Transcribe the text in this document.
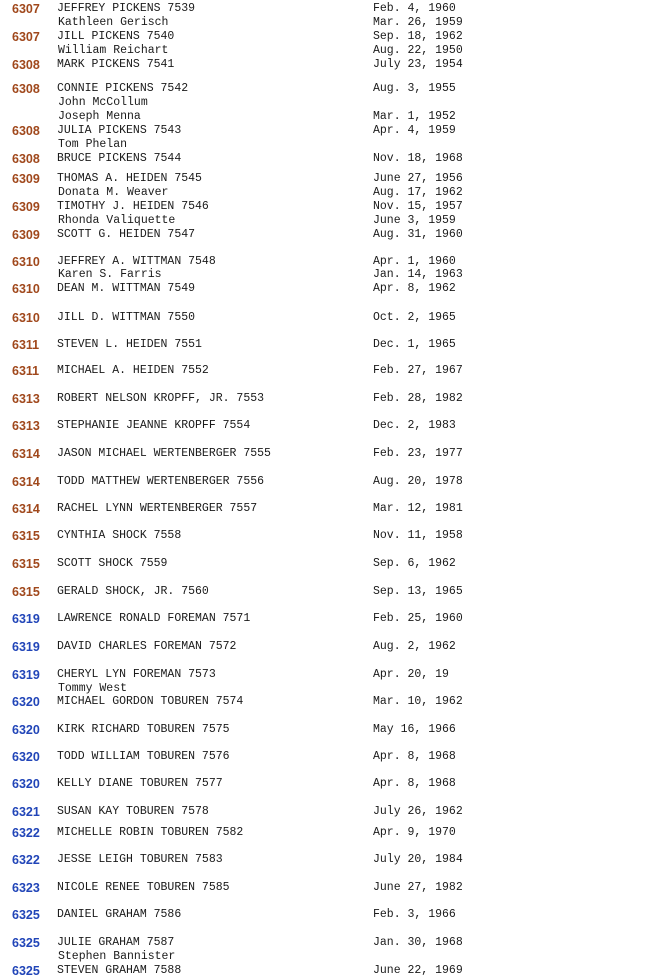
6307 JEFFREY PICKENS 7539	Feb. 4, 1960
Kathleen Gerisch	Mar. 26, 1959
6307 JILL PICKENS 7540	Sep. 18, 1962
William Reichart	Aug. 22, 1950
6308 MARK PICKENS 7541	July 23, 1954
6308 CONNIE PICKENS 7542	Aug. 3, 1955
John McCollum
Joseph Menna	Mar. 1, 1952
6308 JULIA PICKENS 7543	Apr. 4, 1959
Tom Phelan
6308 BRUCE PICKENS 7544	Nov. 18, 1968
6309 THOMAS A. HEIDEN 7545	June 27, 1956
Donata M. Weaver	Aug. 17, 1962
6309 TIMOTHY J. HEIDEN 7546	Nov. 15, 1957
Rhonda Valiquette	June 3, 1959
6309 SCOTT G. HEIDEN 7547	Aug. 31, 1960
6310 JEFFREY A. WITTMAN 7548	Apr. 1, 1960
Karen S. Farris	Jan. 14, 1963
6310 DEAN M. WITTMAN 7549	Apr. 8, 1962
6310 JILL D. WITTMAN 7550	Oct. 2, 1965
6311 STEVEN L. HEIDEN 7551	Dec. 1, 1965
6311 MICHAEL A. HEIDEN 7552	Feb. 27, 1967
6313 ROBERT NELSON KROPFF, JR. 7553	Feb. 28, 1982
6313 STEPHANIE JEANNE KROPFF 7554	Dec. 2, 1983
6314 JASON MICHAEL WERTENBERGER 7555	Feb. 23, 1977
6314 TODD MATTHEW WERTENBERGER 7556	Aug. 20, 1978
6314 RACHEL LYNN WERTENBERGER 7557	Mar. 12, 1981
6315 CYNTHIA SHOCK 7558	Nov. 11, 1958
6315 SCOTT SHOCK 7559	Sep. 6, 1962
6315 GERALD SHOCK, JR. 7560	Sep. 13, 1965
6319 LAWRENCE RONALD FOREMAN 7571	Feb. 25, 1960
6319 DAVID CHARLES FOREMAN 7572	Aug. 2, 1962
6319 CHERYL LYN FOREMAN 7573	Apr. 20, 19
Tommy West
6320 MICHAEL GORDON TOBUREN 7574	Mar. 10, 1962
6320 KIRK RICHARD TOBUREN 7575	May 16, 1966
6320 TODD WILLIAM TOBUREN 7576	Apr. 8, 1968
6320 KELLY DIANE TOBUREN 7577	Apr. 8, 1968
6321 SUSAN KAY TOBUREN 7578	July 26, 1962
6322 MICHELLE ROBIN TOBUREN 7582	Apr. 9, 1970
6322 JESSE LEIGH TOBUREN 7583	July 20, 1984
6323 NICOLE RENEE TOBUREN 7585	June 27, 1982
6325 DANIEL GRAHAM 7586	Feb. 3, 1966
6325 JULIE GRAHAM 7587	Jan. 30, 1968
Stephen Bannister
6325 STEVEN GRAHAM 7588	June 22, 1969
